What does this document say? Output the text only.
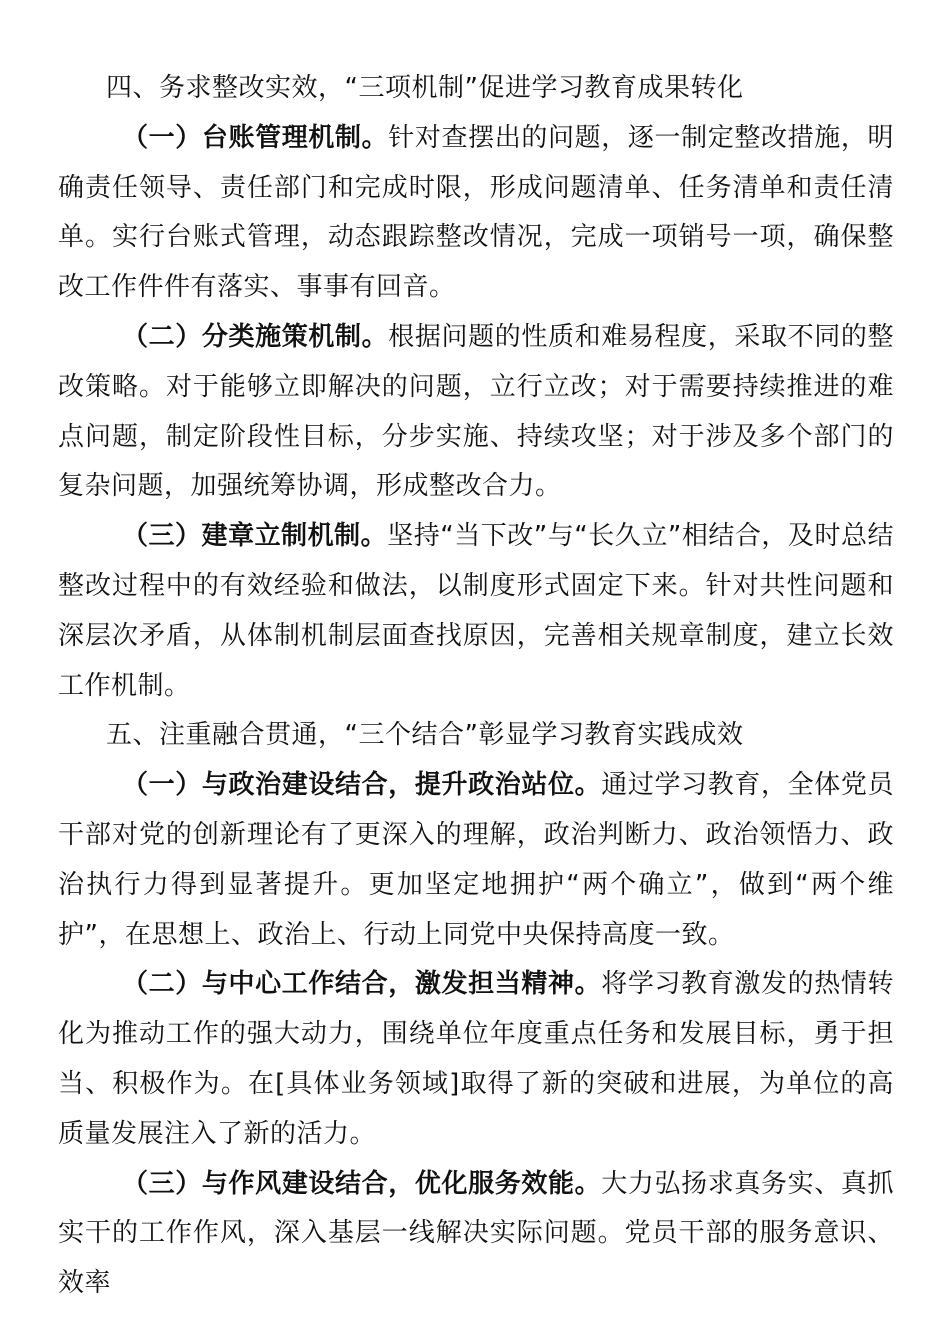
四、务求整改实效，“三项机制”促进学习教育成果转化

（一）台账管理机制。针对查摆出的问题，逐一制定整改措施，明确责任领导、责任部门和完成时限，形成问题清单、任务清单和责任清单。实行台账式管理，动态跟踪整改情况，完成一项销号一项，确保整改工作件件有落实、事事有回音。

（二）分类施策机制。根据问题的性质和难易程度，采取不同的整改策略。对于能够立即解决的问题，立行立改；对于需要持续推进的难点问题，制定阶段性目标，分步实施、持续攻坚；对于涉及多个部门的复杂问题，加强统筹协调，形成整改合力。

（三）建章立制机制。坚持“当下改”与“长久立”相结合，及时总结整改过程中的有效经验和做法，以制度形式固定下来。针对共性问题和深层次矛盾，从体制机制层面查找原因，完善相关规章制度，建立长效工作机制。

五、注重融合贯通，“三个结合”彰显学习教育实践成效

（一）与政治建设结合，提升政治站位。通过学习教育，全体党员干部对党的创新理论有了更深入的理解，政治判断力、政治领悟力、政治执行力得到显著提升。更加坚定地拥护“两个确立”，做到“两个维护”，在思想上、政治上、行动上同党中央保持高度一致。

（二）与中心工作结合，激发担当精神。将学习教育激发的热情转化为推动工作的强大动力，围绕单位年度重点任务和发展目标，勇于担当、积极作为。在[具体业务领域]取得了新的突破和进展，为单位的高质量发展注入了新的活力。

（三）与作风建设结合，优化服务效能。大力弘扬求真务实、真抓实干的工作作风，深入基层一线解决实际问题。党员干部的服务意识、效率
